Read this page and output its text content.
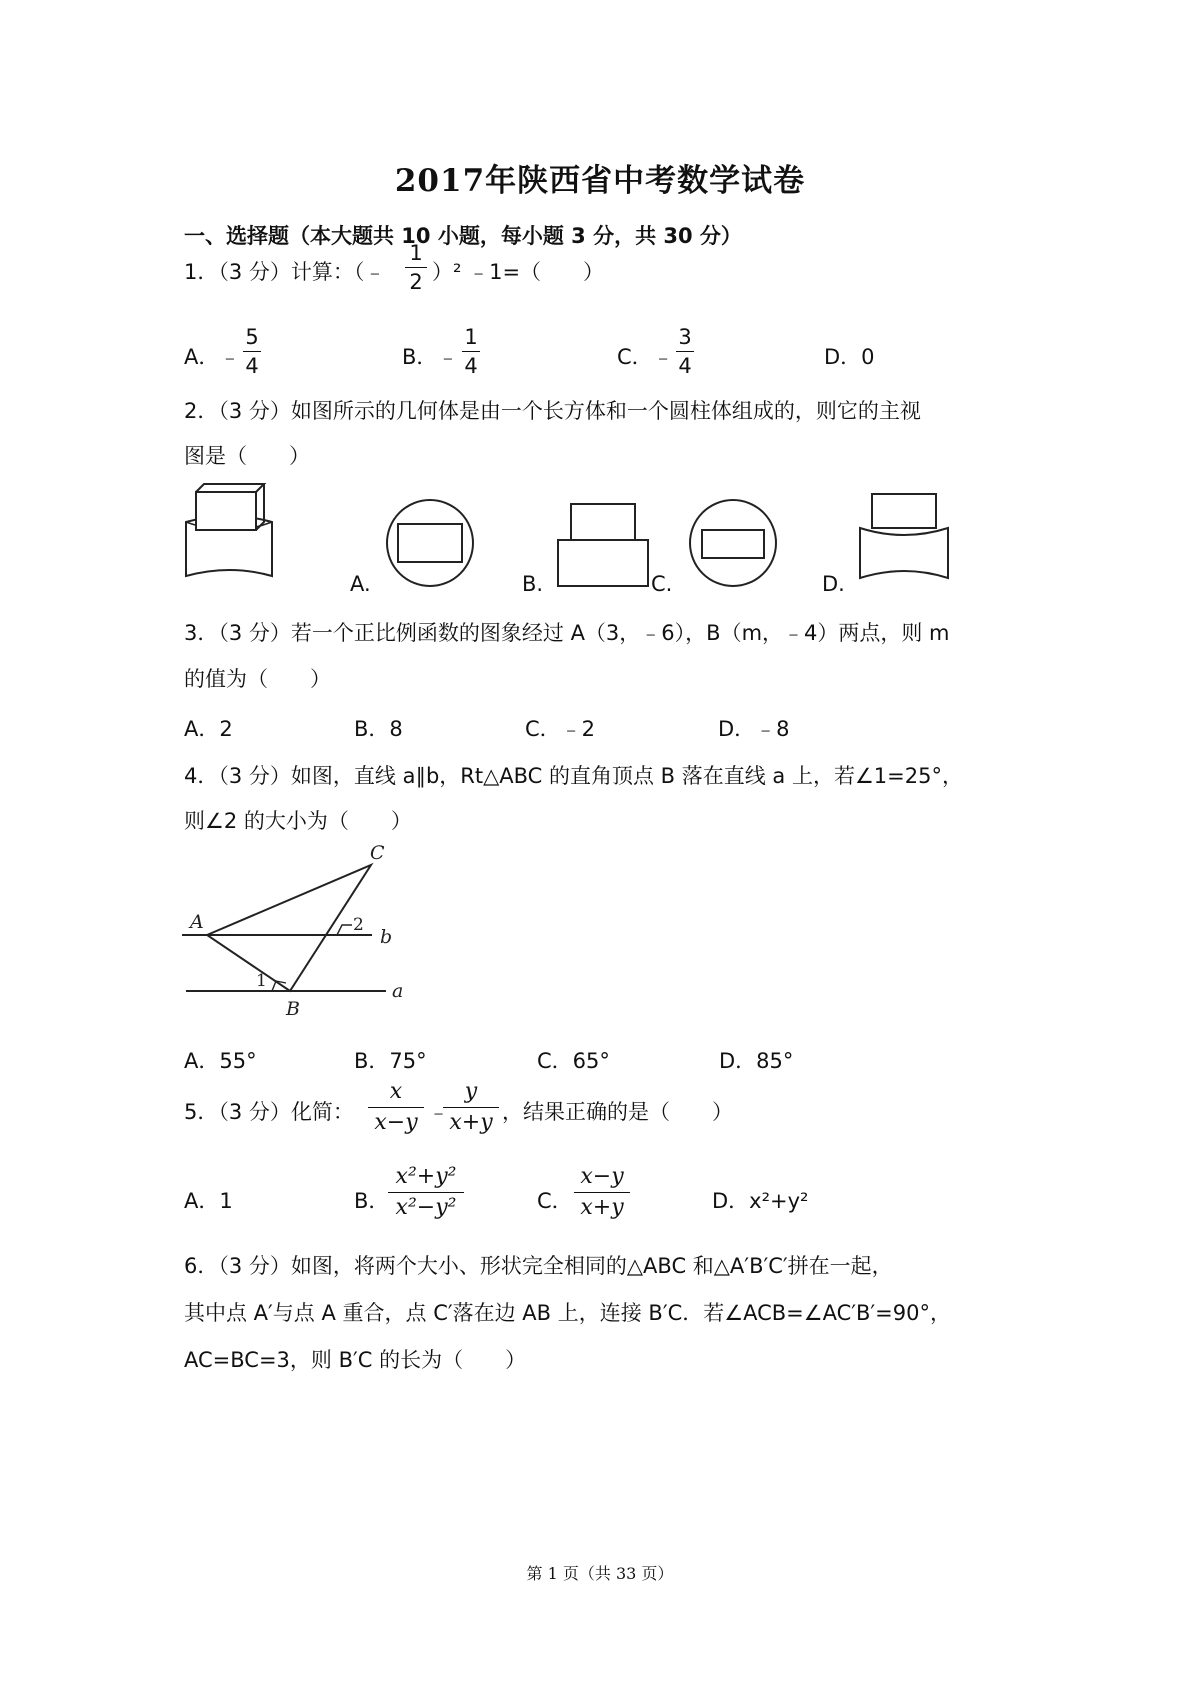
2017年陕西省中考数学试卷
一、选择题（本大题共 10 小题，每小题 3 分，共 30 分）
1．（3 分）计算：（﹣
1
2 ）² ﹣1=（　　）
A．﹣
5
4	B．﹣
1
4	C．﹣
3
4	D．0
2．（3 分）如图所示的几何体是由一个长方体和一个圆柱体组成的，则它的主视
图是（　　）
A.	B.	C.	D.
3．（3 分）若一个正比例函数的图象经过 A（3，﹣6），B（m，﹣4）两点，则 m
的值为（　　）
A．2	B．8	C．﹣2	D．﹣8
4．（3 分）如图，直线 a∥b，Rt△ABC 的直角顶点 B 落在直线 a 上，若∠1=25°，
则∠2 的大小为（　　）
A
B
C
b
a
1
2
A．55°	B．75°	C．65°	D．85°
5．（3 分）化简：
x
x−y ﹣
y
x+y ，结果正确的是（　　）
A．1	B．
x²+y²
x²−y²	C．
x−y
x+y	D．x²+y²
6．（3 分）如图，将两个大小、形状完全相同的△ABC 和△A′B′C′拼在一起，
其中点 A′与点 A 重合，点 C′落在边 AB 上，连接 B′C．若∠ACB=∠AC′B′=90°，
AC=BC=3，则 B′C 的长为（　　）
第 1 页（共 33 页）
